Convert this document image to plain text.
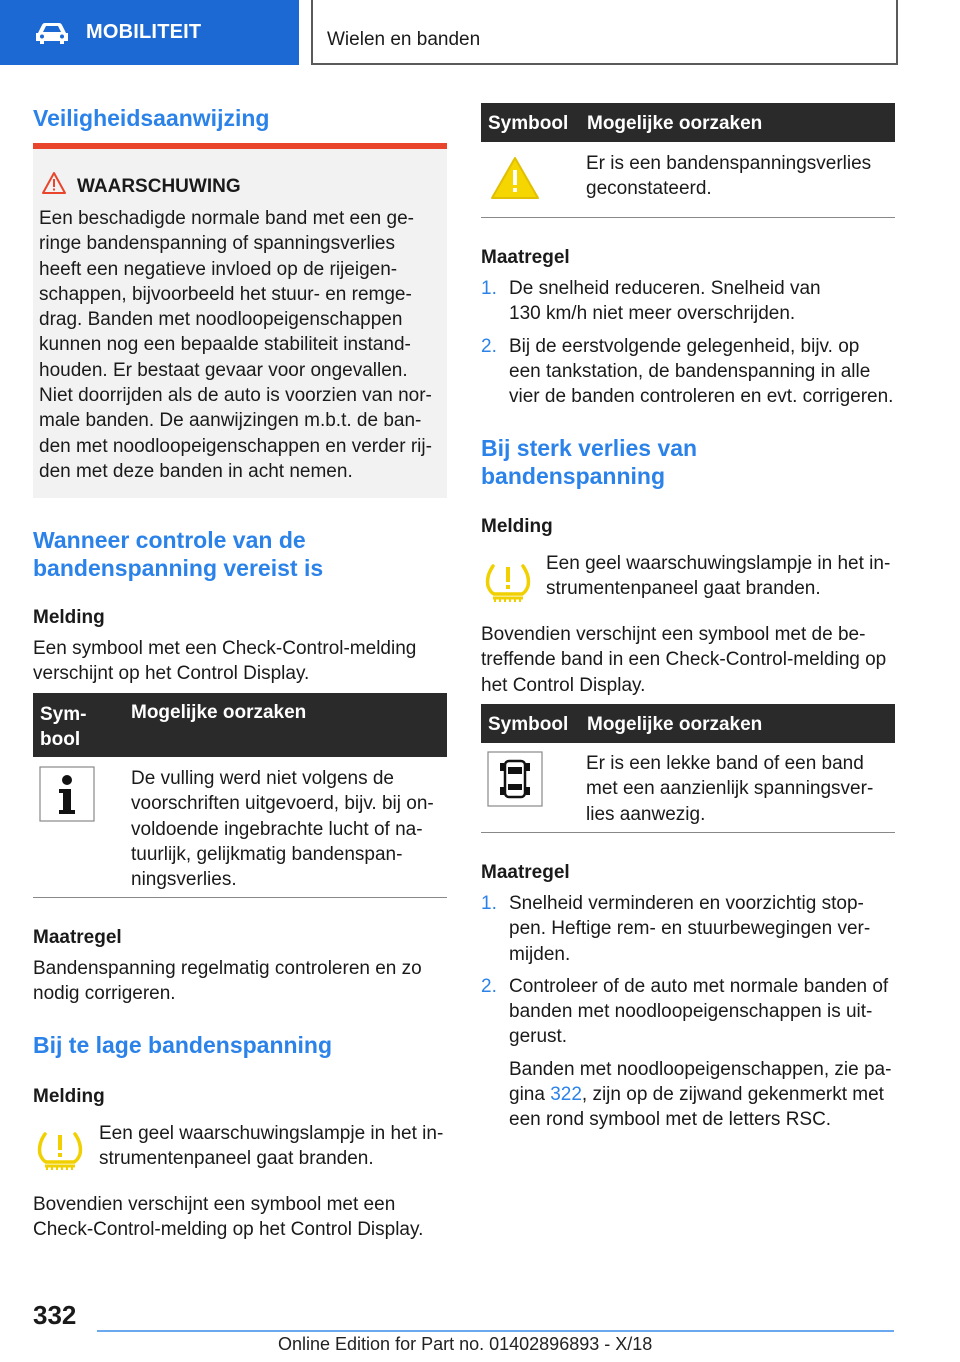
MOBILITEIT	Wielen en banden
Veiligheidsaanwijzing
WAARSCHUWING
Een beschadigde normale band met een ge-
ringe bandenspanning of spanningsverlies
heeft een negatieve invloed op de rijeigen-
schappen, bijvoorbeeld het stuur- en remge-
drag. Banden met noodloopeigenschappen
kunnen nog een bepaalde stabiliteit instand-
houden. Er bestaat gevaar voor ongevallen.
Niet doorrijden als de auto is voorzien van nor-
male banden. De aanwijzingen m.b.t. de ban-
den met noodloopeigenschappen en verder rij-
den met deze banden in acht nemen.
Wanneer controle van de
bandenspanning vereist is
Melding
Een symbool met een Check-Control-melding
verschijnt op het Control Display.
Sym-
bool
Mogelijke oorzaken
De vulling werd niet volgens de
voorschriften uitgevoerd, bijv. bij on-
voldoende ingebrachte lucht of na-
tuurlijk, gelijkmatig bandenspan-
ningsverlies.
Maatregel
Bandenspanning regelmatig controleren en zo
nodig corrigeren.
Bij te lage bandenspanning
Melding
Een geel waarschuwingslampje in het in-
strumentenpaneel gaat branden.
Bovendien verschijnt een symbool met een
Check-Control-melding op het Control Display.
Symbool Mogelijke oorzaken
Er is een bandenspanningsverlies
geconstateerd.
Maatregel
1. De snelheid reduceren. Snelheid van
130 km/h niet meer overschrijden.
2. Bij de eerstvolgende gelegenheid, bijv. op
een tankstation, de bandenspanning in alle
vier de banden controleren en evt. corrigeren.
Bij sterk verlies van
bandenspanning
Melding
Een geel waarschuwingslampje in het in-
strumentenpaneel gaat branden.
Bovendien verschijnt een symbool met de be-
treffende band in een Check-Control-melding op
het Control Display.
Symbool Mogelijke oorzaken
Er is een lekke band of een band
met een aanzienlijk spanningsver-
lies aanwezig.
Maatregel
1. Snelheid verminderen en voorzichtig stop-
pen. Heftige rem- en stuurbewegingen ver-
mijden.
2. Controleer of de auto met normale banden of
banden met noodloopeigenschappen is uit-
gerust.
Banden met noodloopeigenschappen, zie pa-
gina 322, zijn op de zijwand gekenmerkt met
een rond symbool met de letters RSC.
332
Online Edition for Part no. 01402896893 - X/18
